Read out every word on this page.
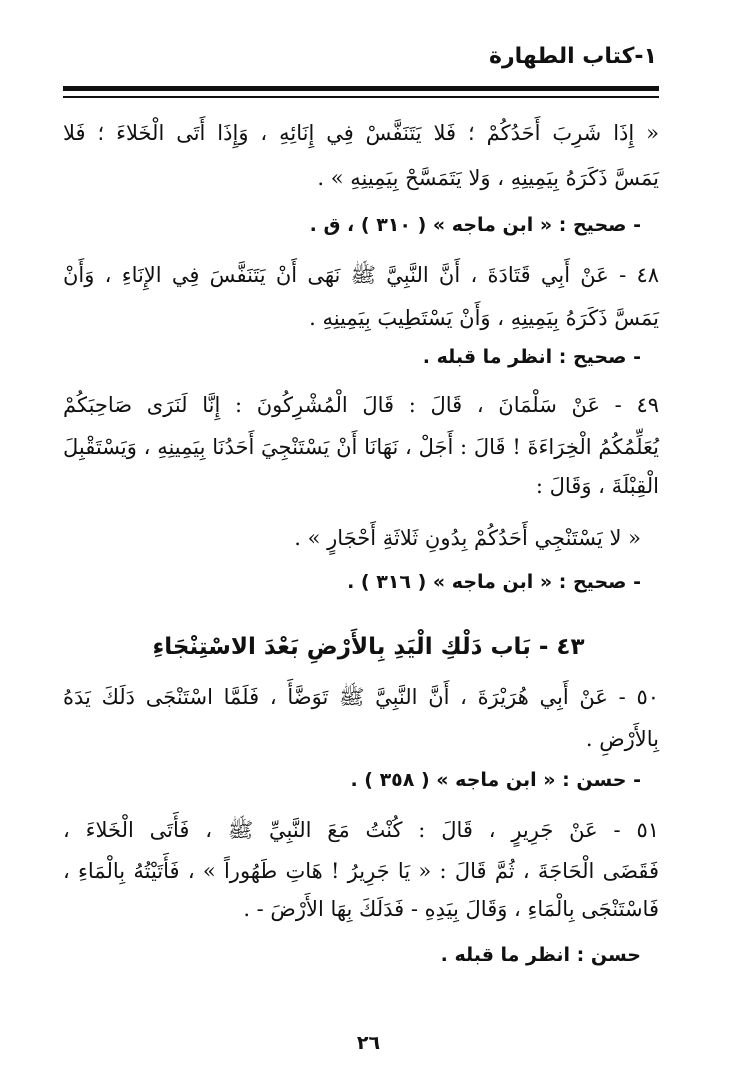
١-كتاب الطهارة
« إِذَا شَرِبَ أَحَدُكُمْ ؛ فَلا يَتَنَفَّسْ فِي إِنَائِهِ ، وَإِذَا أَتَى الْخَلاءَ ؛ فَلا
يَمَسَّ ذَكَرَهُ بِيَمِينِهِ ، وَلا يَتَمَسَّحْ بِيَمِينِهِ » .
- صحيح : « ابن ماجه » ( ٣١٠ ) ، ق .
٤٨ - عَنْ أَبِي قَتَادَةَ ، أَنَّ النَّبِيَّ ﷺ نَهَى أَنْ يَتَنَفَّسَ فِي الإِنَاءِ ، وَأَنْ
يَمَسَّ ذَكَرَهُ بِيَمِينِهِ ، وَأَنْ يَسْتَطِيبَ بِيَمِينِهِ .
- صحيح : انظر ما قبله .
٤٩ - عَنْ سَلْمَانَ ، قَالَ : قَالَ الْمُشْرِكُونَ : إِنَّا لَنَرَى صَاحِبَكُمْ
يُعَلِّمُكُمُ الْخِرَاءَةَ ! قَالَ : أَجَلْ ، نَهَانَا أَنْ يَسْتَنْجِيَ أَحَدُنَا بِيَمِينِهِ ، وَيَسْتَقْبِلَ
الْقِبْلَةَ ، وَقَالَ :
« لا يَسْتَنْجِي أَحَدُكُمْ بِدُونِ ثَلاثَةِ أَحْجَارٍ » .
- صحيح : « ابن ماجه » ( ٣١٦ ) .
٤٣ - بَاب دَلْكِ الْيَدِ بِالأَرْضِ بَعْدَ الاسْتِنْجَاءِ
٥٠ - عَنْ أَبِي هُرَيْرَةَ ، أَنَّ النَّبِيَّ ﷺ تَوَضَّأَ ، فَلَمَّا اسْتَنْجَى دَلَكَ يَدَهُ
بِالأَرْضِ .
- حسن : « ابن ماجه » ( ٣٥٨ ) .
٥١ - عَنْ جَرِيرٍ ، قَالَ : كُنْتُ مَعَ النَّبِيِّ ﷺ ، فَأَتَى الْخَلاءَ ،
فَقَضَى الْحَاجَةَ ، ثُمَّ قَالَ : « يَا جَرِيرُ ! هَاتِ طَهُوراً » ، فَأَتَيْتُهُ بِالْمَاءِ ،
فَاسْتَنْجَى بِالْمَاءِ ، وَقَالَ بِيَدِهِ - فَدَلَكَ بِهَا الأَرْضَ - .
حسن : انظر ما قبله .
٢٦
